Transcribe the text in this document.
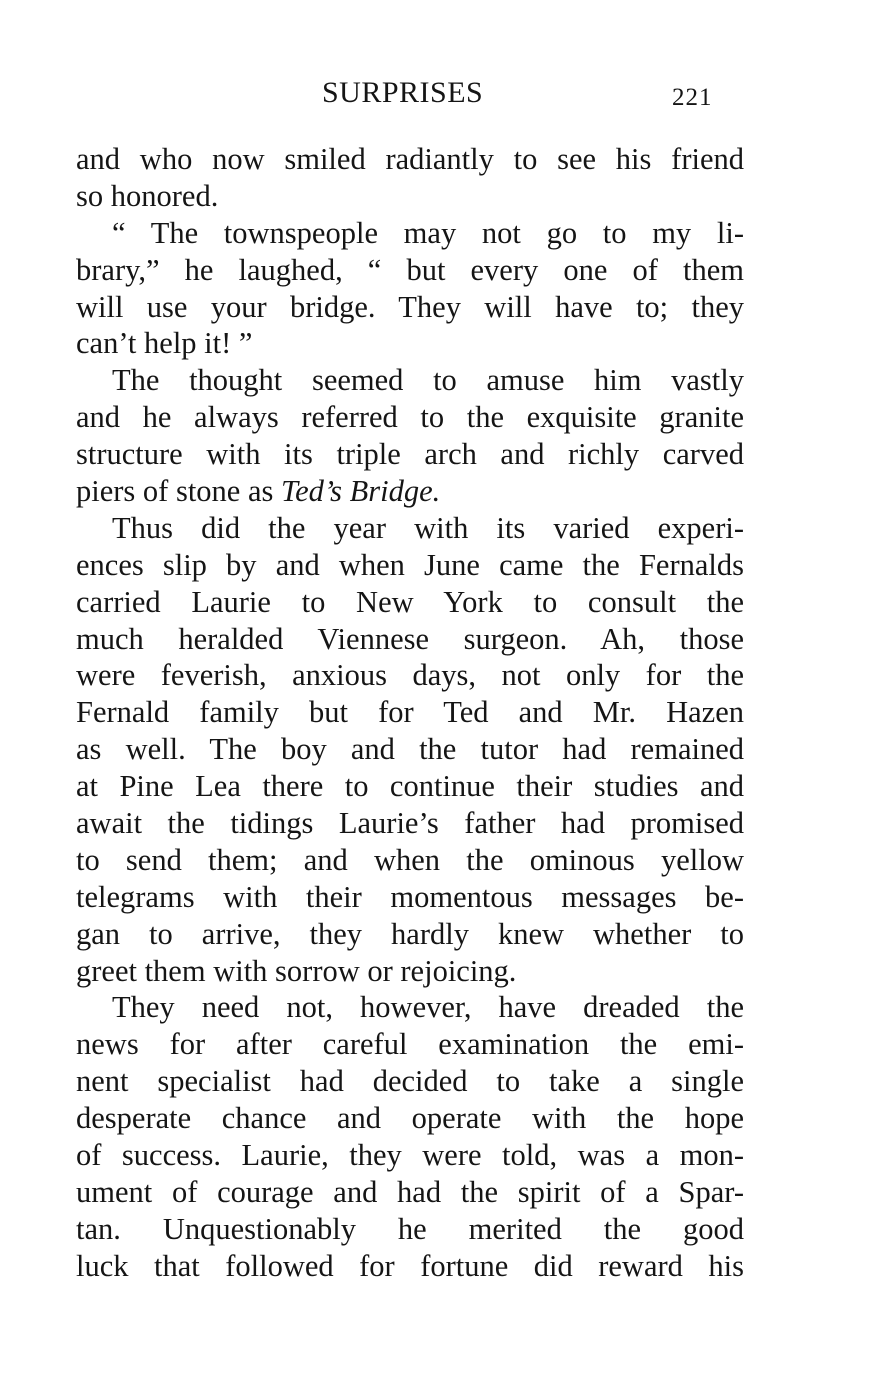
SURPRISES	221
and who now smiled radiantly to see his friend
so honored.
“ The townspeople may not go to my li-
brary,” he laughed, “ but every one of them
will use your bridge. They will have to; they
can’t help it! ”
The thought seemed to amuse him vastly
and he always referred to the exquisite granite
structure with its triple arch and richly carved
piers of stone as Ted’s Bridge.
Thus did the year with its varied experi-
ences slip by and when June came the Fernalds
carried Laurie to New York to consult the
much heralded Viennese surgeon. Ah, those
were feverish, anxious days, not only for the
Fernald family but for Ted and Mr. Hazen
as well. The boy and the tutor had remained
at Pine Lea there to continue their studies and
await the tidings Laurie’s father had promised
to send them; and when the ominous yellow
telegrams with their momentous messages be-
gan to arrive, they hardly knew whether to
greet them with sorrow or rejoicing.
They need not, however, have dreaded the
news for after careful examination the emi-
nent specialist had decided to take a single
desperate chance and operate with the hope
of success. Laurie, they were told, was a mon-
ument of courage and had the spirit of a Spar-
tan. Unquestionably he merited the good
luck that followed for fortune did reward his
